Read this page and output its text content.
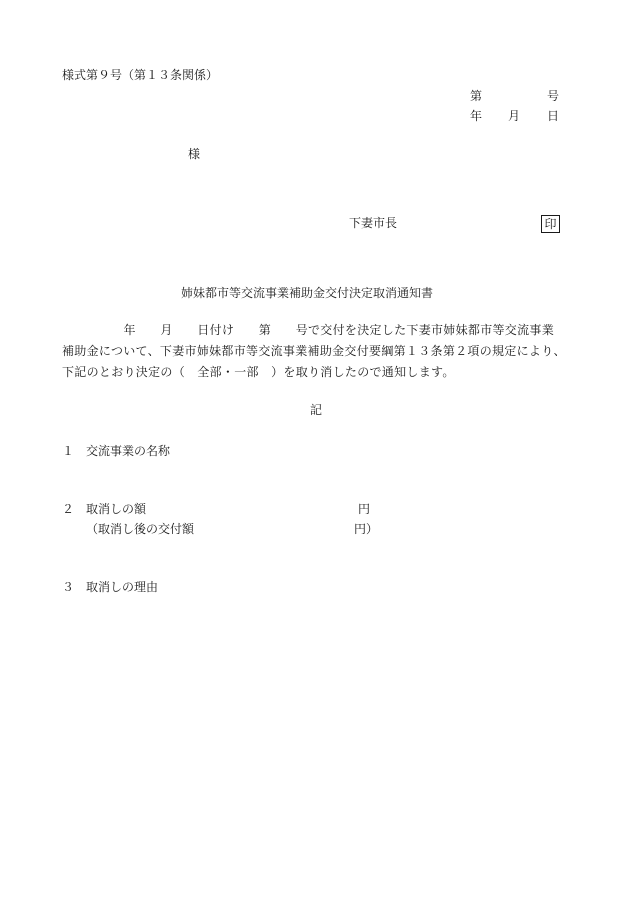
様式第９号（第１３条関係）
第	号
年 月 日
様
下妻市長	印
姉妹都市等交流事業補助金交付決定取消通知書
　　　　　年　　月　　日付け　　第　　号で交付を決定した下妻市姉妹都市等交流事業
補助金について、下妻市姉妹都市等交流事業補助金交付要綱第１３条第２項の規定により、
下記のとおり決定の（　全部・一部　）を取り消したので通知します。
記
１　交流事業の名称
２　取消しの額	円
（取消し後の交付額	円）
３　取消しの理由
